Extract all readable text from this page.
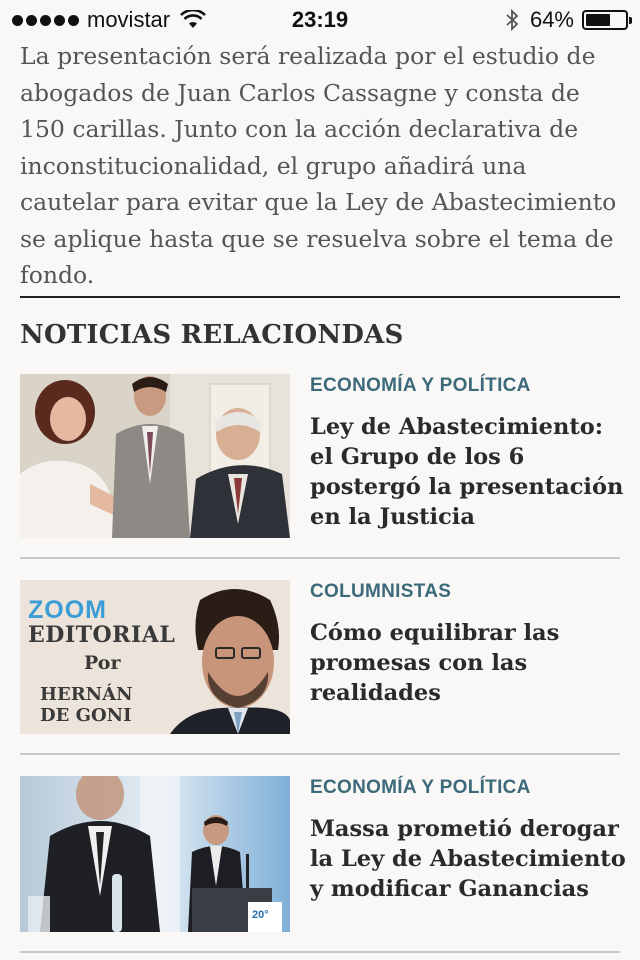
movistar	23:19	64%

La presentación será realizada por el estudio de abogados de Juan Carlos Cassagne y consta de 150 carillas. Junto con la acción declarativa de inconstitucionalidad, el grupo añadirá una cautelar para evitar que la Ley de Abastecimiento se aplique hasta que se resuelva sobre el tema de fondo.

NOTICIAS RELACIONDAS

ECONOMÍA Y POLÍTICA

Ley de Abastecimiento: el Grupo de los 6 postergó la presentación en la Justicia

ZOOM
EDITORIAL
Por
HERNÁN
DE GONI

COLUMNISTAS

Cómo equilibrar las promesas con las realidades

20°

ECONOMÍA Y POLÍTICA

Massa prometió derogar la Ley de Abastecimiento y modificar Ganancias
